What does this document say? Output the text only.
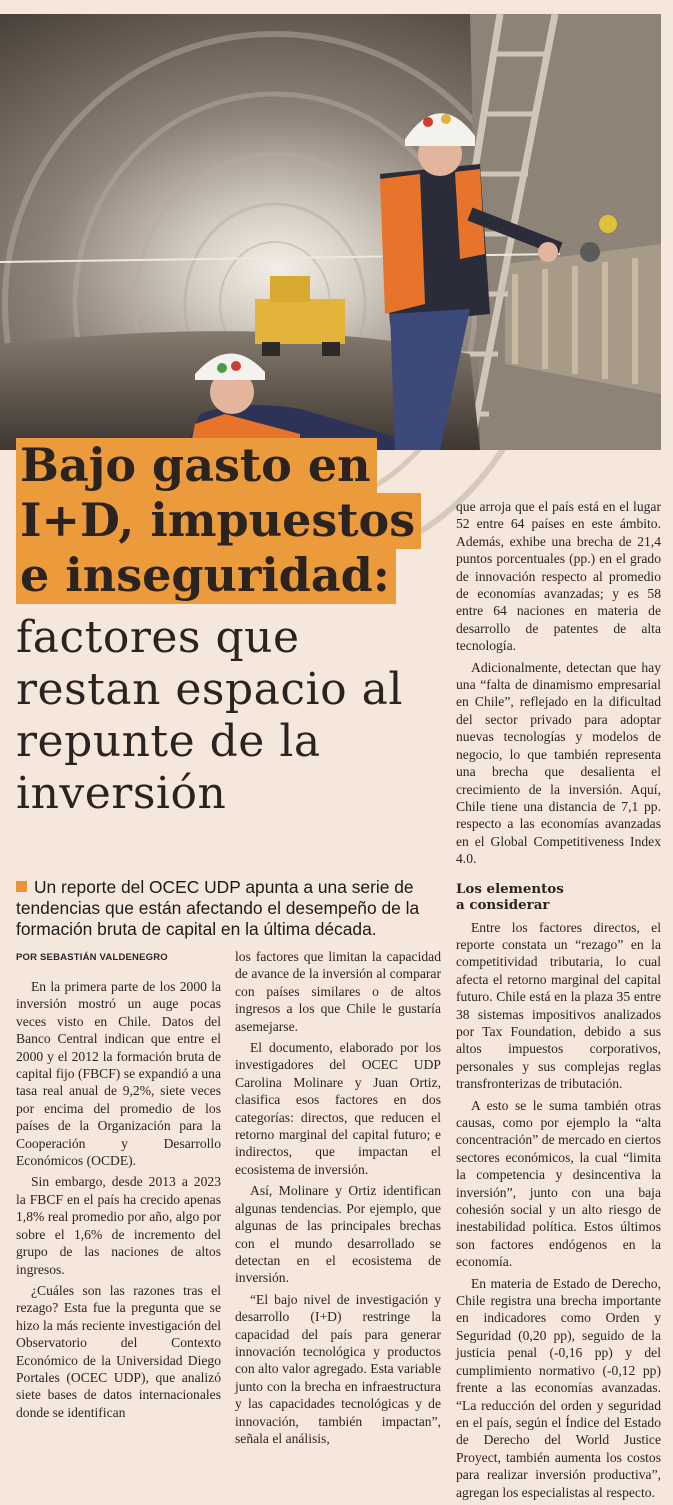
Bajo gasto en
I+D, impuestos
e inseguridad:
factores que restan espacio al repunte de la inversión
Un reporte del OCEC UDP apunta a una serie de tendencias que están afectando el desempeño de la formación bruta de capital en la última década.
POR SEBASTIÁN VALDENEGRO

En la primera parte de los 2000 la inversión mostró un auge pocas veces visto en Chile. Datos del Banco Central indican que entre el 2000 y el 2012 la formación bruta de capital fijo (FBCF) se expandió a una tasa real anual de 9,2%, siete veces por encima del promedio de los países de la Organización para la Cooperación y Desarrollo Económicos (OCDE).

Sin embargo, desde 2013 a 2023 la FBCF en el país ha crecido apenas 1,8% real promedio por año, algo por sobre el 1,6% de incremento del grupo de las naciones de altos ingresos.

¿Cuáles son las razones tras el rezago? Esta fue la pregunta que se hizo la más reciente investigación del Observatorio del Contexto Económico de la Universidad Diego Portales (OCEC UDP), que analizó siete bases de datos internacionales donde se identifican

los factores que limitan la capacidad de avance de la inversión al comparar con países similares o de altos ingresos a los que Chile le gustaría asemejarse.

El documento, elaborado por los investigadores del OCEC UDP Carolina Molinare y Juan Ortiz, clasifica esos factores en dos categorías: directos, que reducen el retorno marginal del capital futuro; e indirectos, que impactan el ecosistema de inversión.

Así, Molinare y Ortiz identifican algunas tendencias. Por ejemplo, que algunas de las principales brechas con el mundo desarrollado se detectan en el ecosistema de inversión.

“El bajo nivel de investigación y desarrollo (I+D) restringe la capacidad del país para generar innovación tecnológica y productos con alto valor agregado. Esta variable junto con la brecha en infraestructura y las capacidades tecnológicas y de innovación, también impactan”, señala el análisis,

que arroja que el país está en el lugar 52 entre 64 países en este ámbito. Además, exhibe una brecha de 21,4 puntos porcentuales (pp.) en el grado de innovación respecto al promedio de economías avanzadas; y es 58 entre 64 naciones en materia de desarrollo de patentes de alta tecnología.

Adicionalmente, detectan que hay una “falta de dinamismo empresarial en Chile”, reflejado en la dificultad del sector privado para adoptar nuevas tecnologías y modelos de negocio, lo que también representa una brecha que desalienta el crecimiento de la inversión. Aquí, Chile tiene una distancia de 7,1 pp. respecto a las economías avanzadas en el Global Competitiveness Index 4.0.

Los elementos
a considerar

Entre los factores directos, el reporte constata un “rezago” en la competitividad tributaria, lo cual afecta el retorno marginal del capital futuro. Chile está en la plaza 35 entre 38 sistemas impositivos analizados por Tax Foundation, debido a sus altos impuestos corporativos, personales y sus complejas reglas transfronterizas de tributación.

A esto se le suma también otras causas, como por ejemplo la “alta concentración” de mercado en ciertos sectores económicos, la cual “limita la competencia y desincentiva la inversión”, junto con una baja cohesión social y un alto riesgo de inestabilidad política. Estos últimos son factores endógenos en la economía.

En materia de Estado de Derecho, Chile registra una brecha importante en indicadores como Orden y Seguridad (0,20 pp), seguido de la justicia penal (-0,16 pp) y del cumplimiento normativo (-0,12 pp) frente a las economías avanzadas. “La reducción del orden y seguridad en el país, según el Índice del Estado de Derecho del World Justice Proyect, también aumenta los costos para realizar inversión productiva”, agregan los especialistas al respecto.
